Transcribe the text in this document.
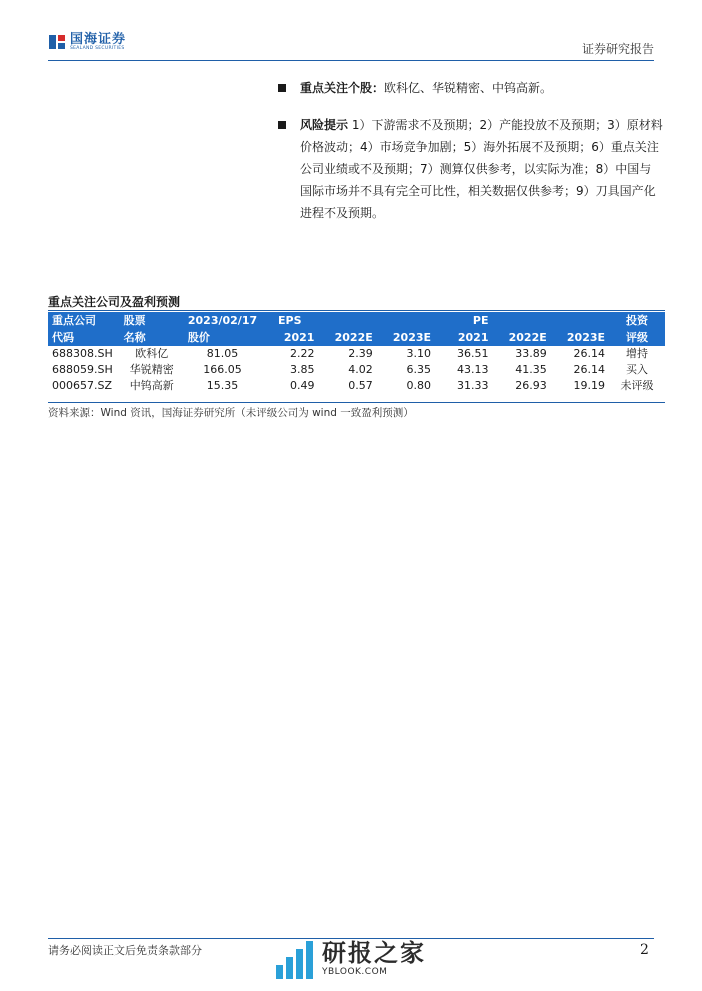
国海证券
SEALAND SECURITIES	证券研究报告
重点关注个股：欧科亿、华锐精密、中钨高新。
风险提示 1）下游需求不及预期；2）产能投放不及预期；3）原材料价格波动；4）市场竞争加剧；5）海外拓展不及预期；6）重点关注公司业绩或不及预期；7）测算仅供参考，以实际为准；8）中国与国际市场并不具有完全可比性，相关数据仅供参考；9）刀具国产化进程不及预期。
重点关注公司及盈利预测
重点公司	股票	2023/02/17	EPS			PE			投资
代码	名称	股价	2021	2022E	2023E	2021	2022E	2023E	评级
688308.SH	欧科亿	81.05	2.22	2.39	3.10	36.51	33.89	26.14	增持
688059.SH	华锐精密	166.05	3.85	4.02	6.35	43.13	41.35	26.14	买入
000657.SZ	中钨高新	15.35	0.49	0.57	0.80	31.33	26.93	19.19	未评级
资料来源：Wind 资讯，国海证券研究所（未评级公司为 wind 一致盈利预测）
请务必阅读正文后免责条款部分	研报之家
YBLOOK.COM
2
